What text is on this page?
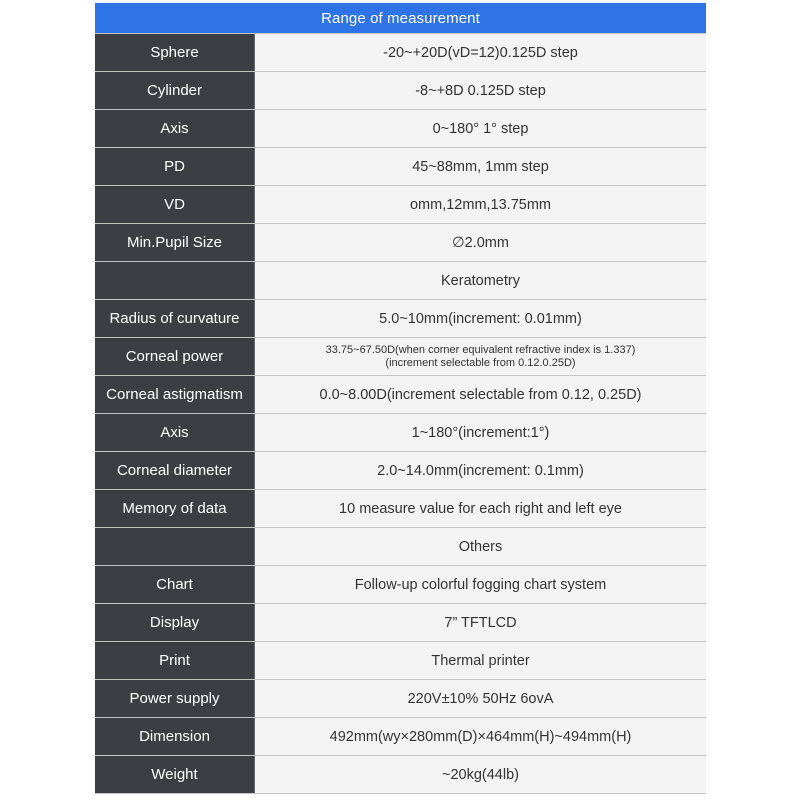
Range of measurement
Sphere	-20~+20D(vD=12)0.125D step
Cylinder	-8~+8D 0.125D step
Axis	0~180° 1° step
PD	45~88mm, 1mm step
VD	omm,12mm,13.75mm
Min.Pupil Size	∅2.0mm
Keratometry
Radius of curvature	5.0~10mm(increment: 0.01mm)
Corneal power	33.75~67.50D(when corner equivalent refractive index is 1.337)
(increment selectable from 0.12.0.25D)
Corneal astigmatism	0.0~8.00D(increment selectable from 0.12, 0.25D)
Axis	1~180°(increment:1°)
Corneal diameter	2.0~14.0mm(increment: 0.1mm)
Memory of data	10 measure value for each right and left eye
Others
Chart	Follow-up colorful fogging chart system
Display	7” TFTLCD
Print	Thermal printer
Power supply	220V±10% 50Hz 6ovA
Dimension	492mm(wy×280mm(D)×464mm(H)~494mm(H)
Weight	~20kg(44lb)
